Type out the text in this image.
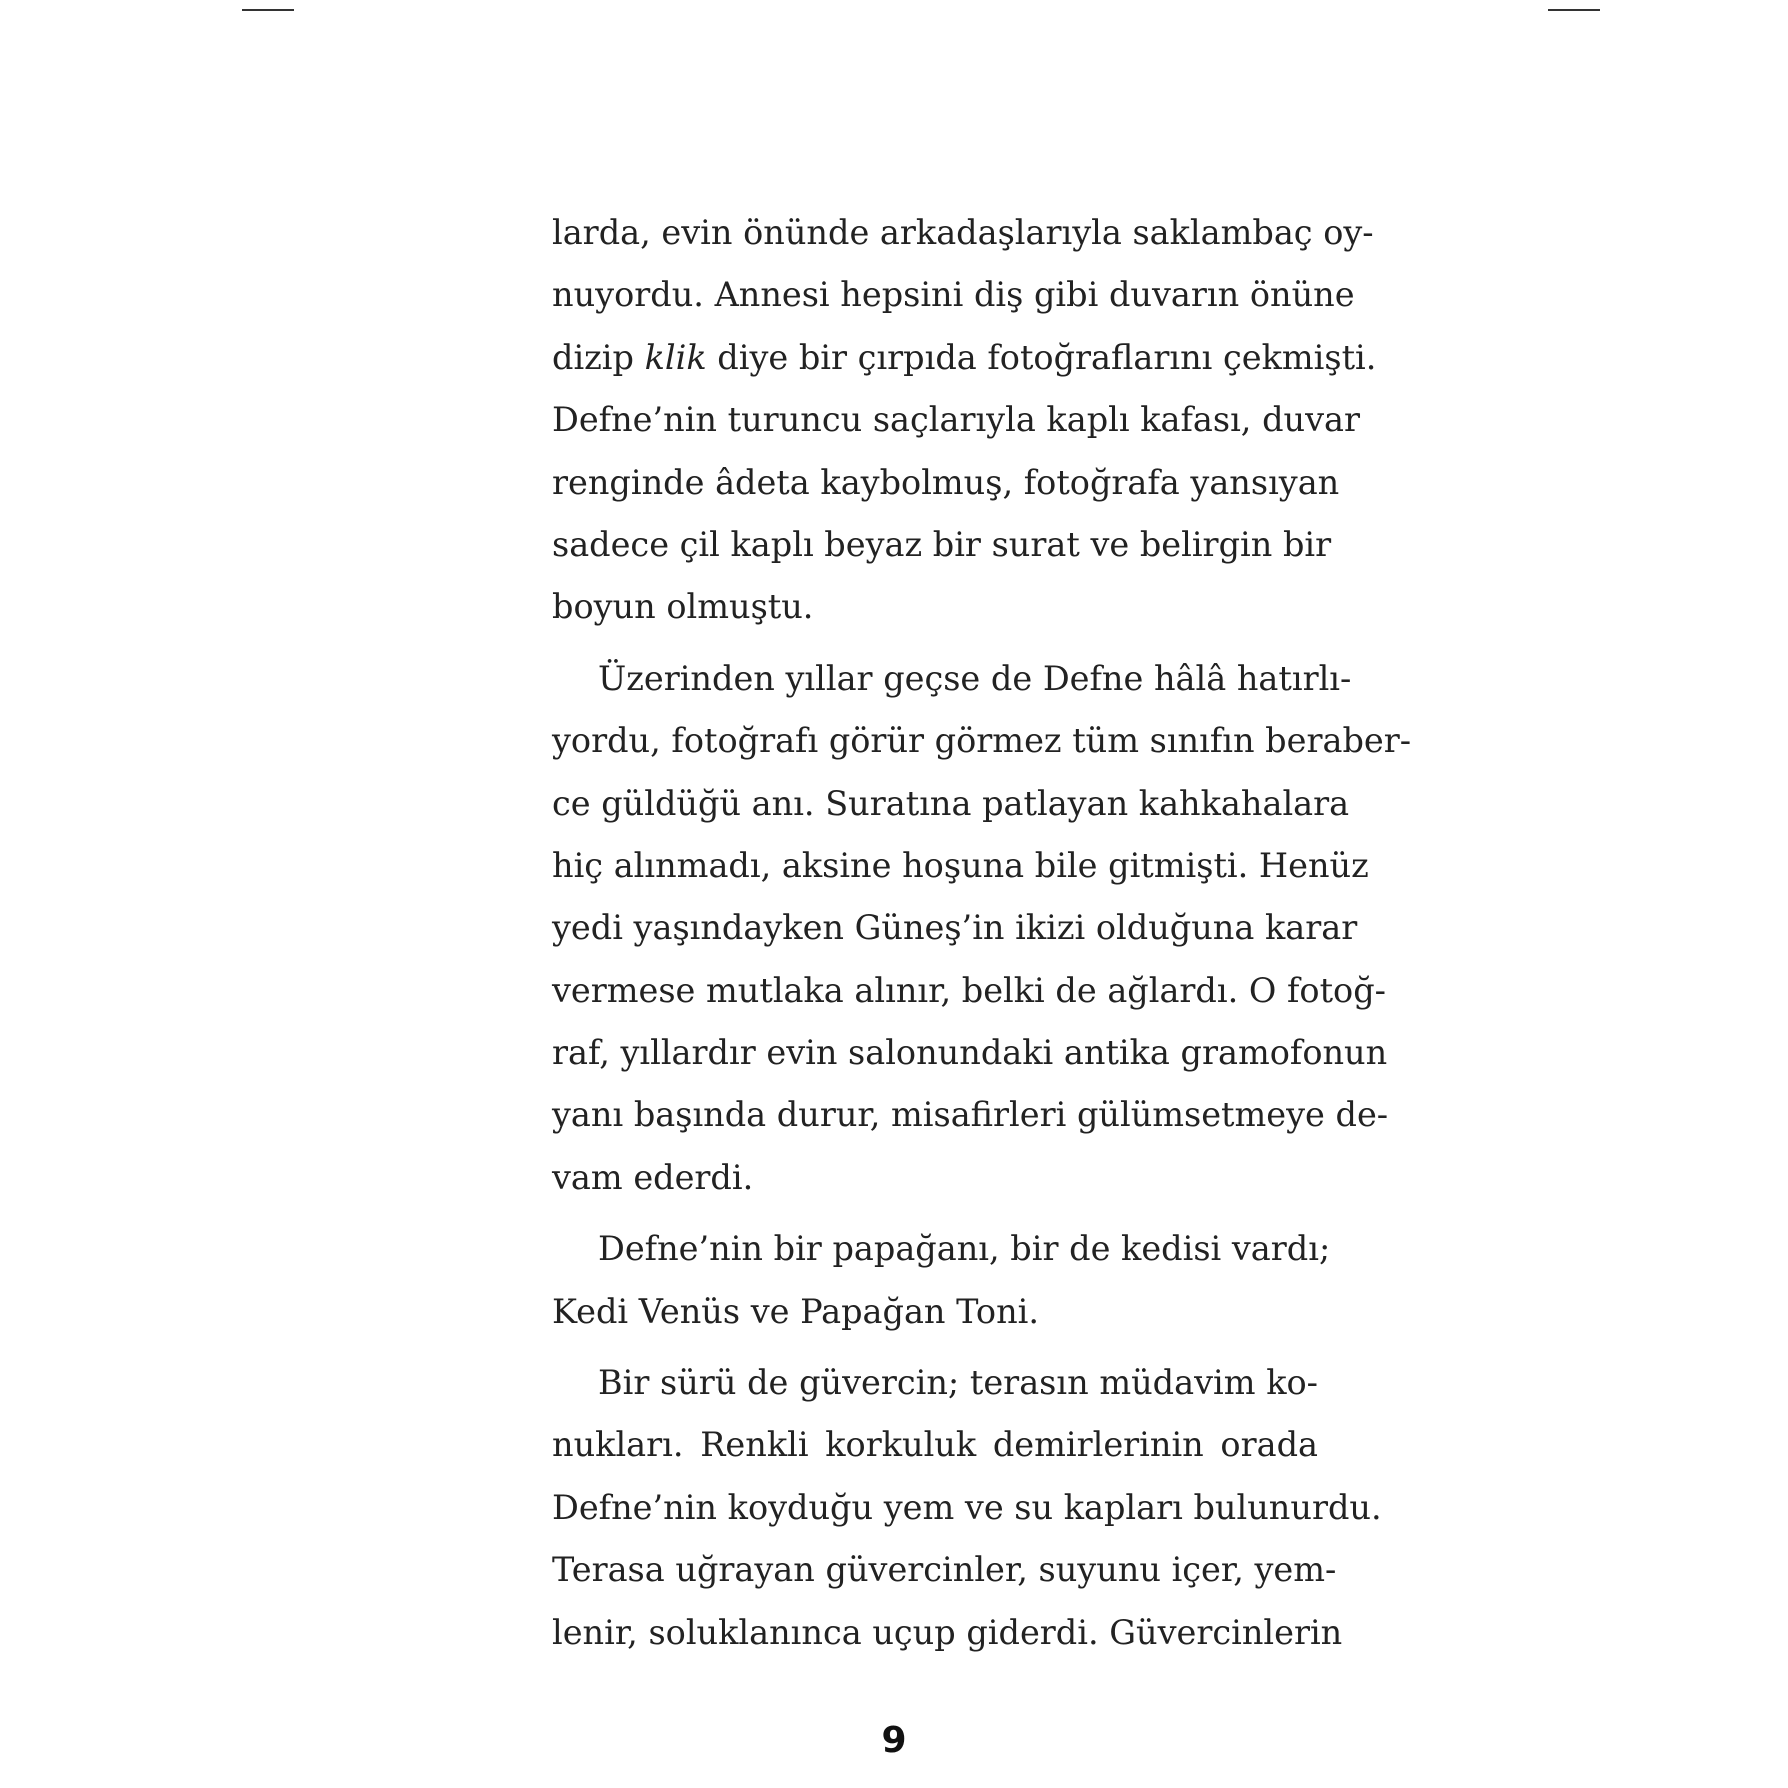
larda, evin önünde arkadaşlarıyla saklambaç oy-
nuyordu. Annesi hepsini diş gibi duvarın önüne
dizip klik diye bir çırpıda fotoğraflarını çekmişti.
Defne’nin turuncu saçlarıyla kaplı kafası, duvar
renginde âdeta kaybolmuş, fotoğrafa yansıyan
sadece çil kaplı beyaz bir surat ve belirgin bir
boyun olmuştu.
Üzerinden yıllar geçse de Defne hâlâ hatırlı-
yordu, fotoğrafı görür görmez tüm sınıfın beraber-
ce güldüğü anı. Suratına patlayan kahkahalara
hiç alınmadı, aksine hoşuna bile gitmişti. Henüz
yedi yaşındayken Güneş’in ikizi olduğuna karar
vermese mutlaka alınır, belki de ağlardı. O fotoğ-
raf, yıllardır evin salonundaki antika gramofonun
yanı başında durur, misafirleri gülümsetmeye de-
vam ederdi.
Defne’nin bir papağanı, bir de kedisi vardı;
Kedi Venüs ve Papağan Toni.
Bir sürü de güvercin; terasın müdavim ko-
nukları. Renkli korkuluk demirlerinin orada
Defne’nin koyduğu yem ve su kapları bulunurdu.
Terasa uğrayan güvercinler, suyunu içer, yem-
lenir, soluklanınca uçup giderdi. Güvercinlerin
9
